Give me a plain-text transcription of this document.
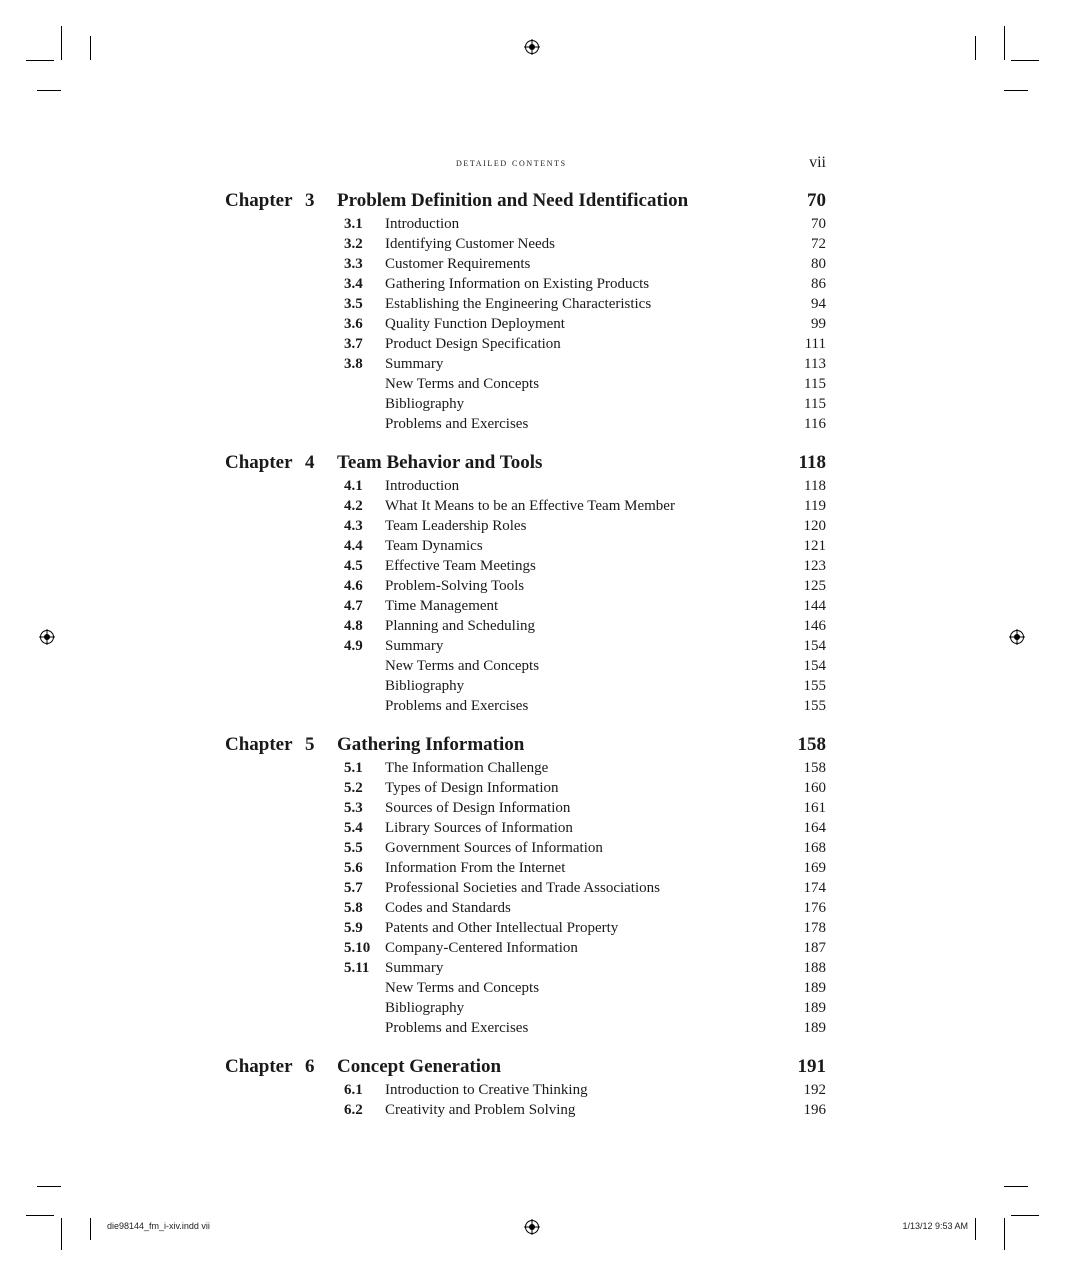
detailed contents	vii
Chapter 3 Problem Definition and Need Identification	70
3.1 Introduction	70
3.2 Identifying Customer Needs	72
3.3 Customer Requirements	80
3.4 Gathering Information on Existing Products	86
3.5 Establishing the Engineering Characteristics	94
3.6 Quality Function Deployment	99
3.7 Product Design Specification	111
3.8 Summary	113
New Terms and Concepts	115
Bibliography	115
Problems and Exercises	116
Chapter 4 Team Behavior and Tools	118
4.1 Introduction	118
4.2 What It Means to be an Effective Team Member	119
4.3 Team Leadership Roles	120
4.4 Team Dynamics	121
4.5 Effective Team Meetings	123
4.6 Problem-Solving Tools	125
4.7 Time Management	144
4.8 Planning and Scheduling	146
4.9 Summary	154
New Terms and Concepts	154
Bibliography	155
Problems and Exercises	155
Chapter 5 Gathering Information	158
5.1 The Information Challenge	158
5.2 Types of Design Information	160
5.3 Sources of Design Information	161
5.4 Library Sources of Information	164
5.5 Government Sources of Information	168
5.6 Information From the Internet	169
5.7 Professional Societies and Trade Associations	174
5.8 Codes and Standards	176
5.9 Patents and Other Intellectual Property	178
5.10 Company-Centered Information	187
5.11 Summary	188
New Terms and Concepts	189
Bibliography	189
Problems and Exercises	189
Chapter 6 Concept Generation	191
6.1 Introduction to Creative Thinking	192
6.2 Creativity and Problem Solving	196
die98144_fm_i-xiv.indd vii	1/13/12 9:53 AM
